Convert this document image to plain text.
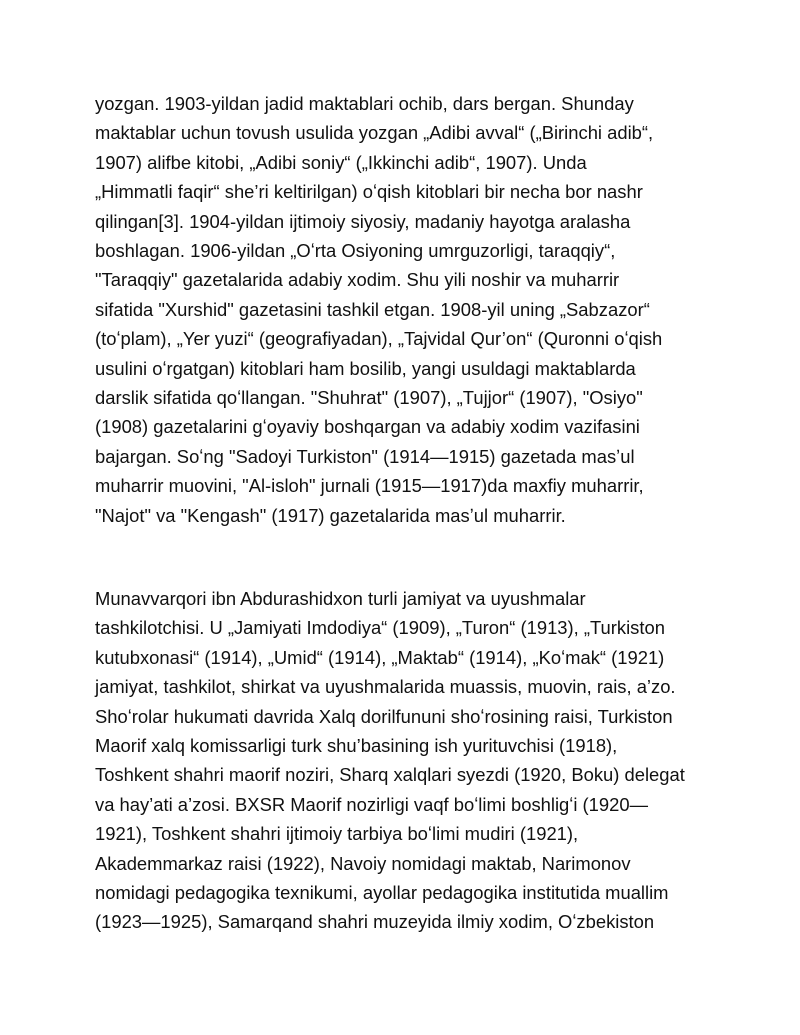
yozgan. 1903-yildan jadid maktablari ochib, dars bergan. Shunday
maktablar uchun tovush usulida yozgan „Adibi avval“ („Birinchi adib“,
1907) alifbe kitobi, „Adibi soniy“ („Ikkinchi adib“, 1907). Unda
„Himmatli faqir“ she’ri keltirilgan) oʻqish kitoblari bir necha bor nashr
qilingan[3]. 1904-yildan ijtimoiy siyosiy, madaniy hayotga aralasha
boshlagan. 1906-yildan „Oʻrta Osiyoning umrguzorligi, taraqqiy“,
"Taraqqiy" gazetalarida adabiy xodim. Shu yili noshir va muharrir
sifatida "Xurshid" gazetasini tashkil etgan. 1908-yil uning „Sabzazor“
(toʻplam), „Yer yuzi“ (geografiyadan), „Tajvidal Qur’on“ (Quronni oʻqish
usulini oʻrgatgan) kitoblari ham bosilib, yangi usuldagi maktablarda
darslik sifatida qoʻllangan. "Shuhrat" (1907), „Tujjor“ (1907), "Osiyo"
(1908) gazetalarini gʻoyaviy boshqargan va adabiy xodim vazifasini
bajargan. Soʻng "Sadoyi Turkiston" (1914—1915) gazetada masʼul
muharrir muovini, "Al-isloh" jurnali (1915—1917)da maxfiy muharrir,
"Najot" va "Kengash" (1917) gazetalarida masʼul muharrir.
Munavvarqori ibn Abdurashidxon turli jamiyat va uyushmalar
tashkilotchisi. U „Jamiyati Imdodiya“ (1909), „Turon“ (1913), „Turkiston
kutubxonasi“ (1914), „Umid“ (1914), „Maktab“ (1914), „Koʻmak“ (1921)
jamiyat, tashkilot, shirkat va uyushmalarida muassis, muovin, rais, a’zo.
Shoʻrolar hukumati davrida Xalq dorilfununi shoʻrosining raisi, Turkiston
Maorif xalq komissarligi turk shu’basining ish yurituvchisi (1918),
Toshkent shahri maorif noziri, Sharq xalqlari syezdi (1920, Boku) delegat
va hay’ati a’zosi. BXSR Maorif nozirligi vaqf boʻlimi boshligʻi (1920—
1921), Toshkent shahri ijtimoiy tarbiya boʻlimi mudiri (1921),
Akademmarkaz raisi (1922), Navoiy nomidagi maktab, Narimonov
nomidagi pedagogika texnikumi, ayollar pedagogika institutida muallim
(1923—1925), Samarqand shahri muzeyida ilmiy xodim, Oʻzbekiston
